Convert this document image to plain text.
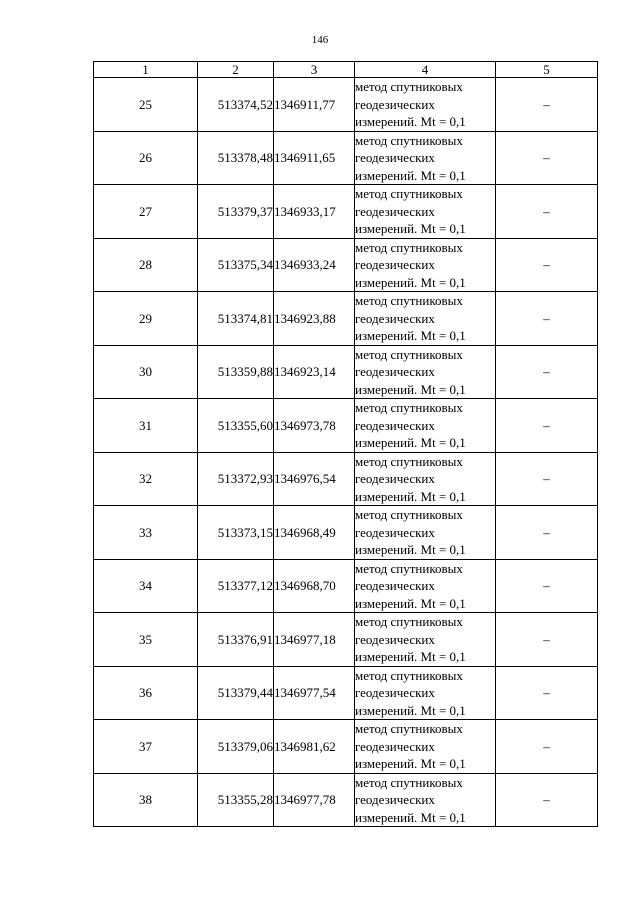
146
1	2	3	4	5
25	513374,52	1346911,77	метод спутниковых
геодезических
измерений. Mt = 0,1	–
26	513378,48	1346911,65	метод спутниковых
геодезических
измерений. Mt = 0,1	–
27	513379,37	1346933,17	метод спутниковых
геодезических
измерений. Mt = 0,1	–
28	513375,34	1346933,24	метод спутниковых
геодезических
измерений. Mt = 0,1	–
29	513374,81	1346923,88	метод спутниковых
геодезических
измерений. Mt = 0,1	–
30	513359,88	1346923,14	метод спутниковых
геодезических
измерений. Mt = 0,1	–
31	513355,60	1346973,78	метод спутниковых
геодезических
измерений. Mt = 0,1	–
32	513372,93	1346976,54	метод спутниковых
геодезических
измерений. Mt = 0,1	–
33	513373,15	1346968,49	метод спутниковых
геодезических
измерений. Mt = 0,1	–
34	513377,12	1346968,70	метод спутниковых
геодезических
измерений. Mt = 0,1	–
35	513376,91	1346977,18	метод спутниковых
геодезических
измерений. Mt = 0,1	–
36	513379,44	1346977,54	метод спутниковых
геодезических
измерений. Mt = 0,1	–
37	513379,06	1346981,62	метод спутниковых
геодезических
измерений. Mt = 0,1	–
38	513355,28	1346977,78	метод спутниковых
геодезических
измерений. Mt = 0,1	–
